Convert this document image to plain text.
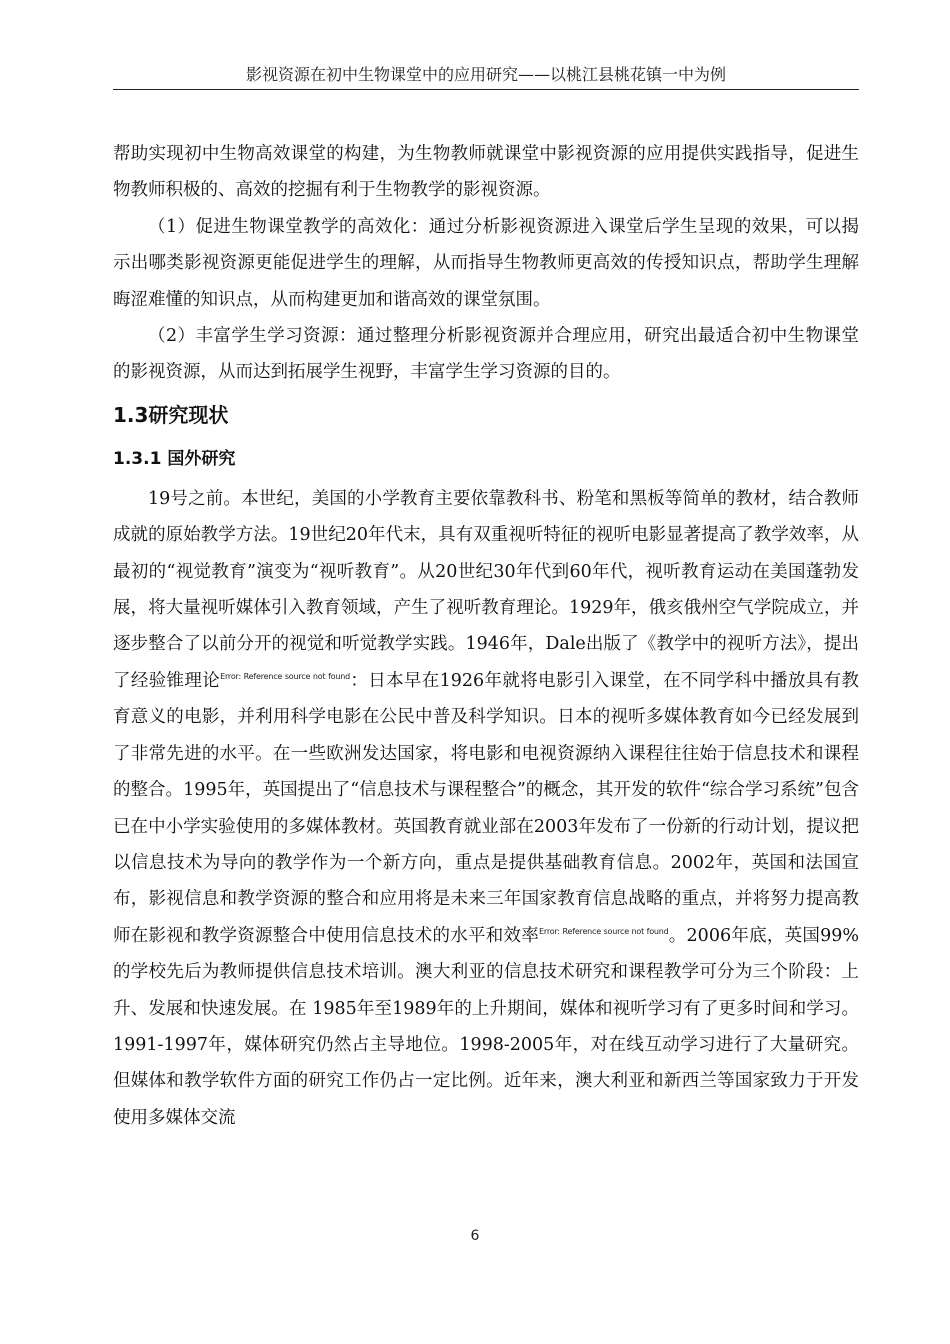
影视资源在初中生物课堂中的应用研究——以桃江县桃花镇一中为例

帮助实现初中生物高效课堂的构建，为生物教师就课堂中影视资源的应用提供实践指导，促进生物教师积极的、高效的挖掘有利于生物教学的影视资源。

（1）促进生物课堂教学的高效化：通过分析影视资源进入课堂后学生呈现的效果，可以揭示出哪类影视资源更能促进学生的理解，从而指导生物教师更高效的传授知识点，帮助学生理解晦涩难懂的知识点，从而构建更加和谐高效的课堂氛围。

（2）丰富学生学习资源：通过整理分析影视资源并合理应用，研究出最适合初中生物课堂的影视资源，从而达到拓展学生视野，丰富学生学习资源的目的。

1.3研究现状
1.3.1 国外研究

19号之前。本世纪，美国的小学教育主要依靠教科书、粉笔和黑板等简单的教材，结合教师成就的原始教学方法。19世纪20年代末，具有双重视听特征的视听电影显著提高了教学效率，从最初的“视觉教育”演变为“视听教育”。从20世纪30年代到60年代，视听教育运动在美国蓬勃发展，将大量视听媒体引入教育领域，产生了视听教育理论。1929年，俄亥俄州空气学院成立，并逐步整合了以前分开的视觉和听觉教学实践。1946年，Dale出版了《教学中的视听方法》，提出了经验锥理论$^{Error: Reference source not found}$：日本早在1926年就将电影引入课堂，在不同学科中播放具有教育意义的电影，并利用科学电影在公民中普及科学知识。日本的视听多媒体教育如今已经发展到了非常先进的水平。在一些欧洲发达国家，将电影和电视资源纳入课程往往始于信息技术和课程的整合。1995年，英国提出了“信息技术与课程整合”的概念，其开发的软件“综合学习系统”包含已在中小学实验使用的多媒体教材。英国教育就业部在2003年发布了一份新的行动计划，提议把以信息技术为导向的教学作为一个新方向，重点是提供基础教育信息。2002年，英国和法国宣布，影视信息和教学资源的整合和应用将是未来三年国家教育信息战略的重点，并将努力提高教师在影视和教学资源整合中使用信息技术的水平和效率$^{Error: Reference source not found}$。2006年底，英国99%的学校先后为教师提供信息技术培训。澳大利亚的信息技术研究和课程教学可分为三个阶段：上升、发展和快速发展。在 1985年至1989年的上升期间，媒体和视听学习有了更多时间和学习。1991-1997年，媒体研究仍然占主导地位。1998-2005年，对在线互动学习进行了大量研究。但媒体和教学软件方面的研究工作仍占一定比例。近年来，澳大利亚和新西兰等国家致力于开发使用多媒体交流

6
